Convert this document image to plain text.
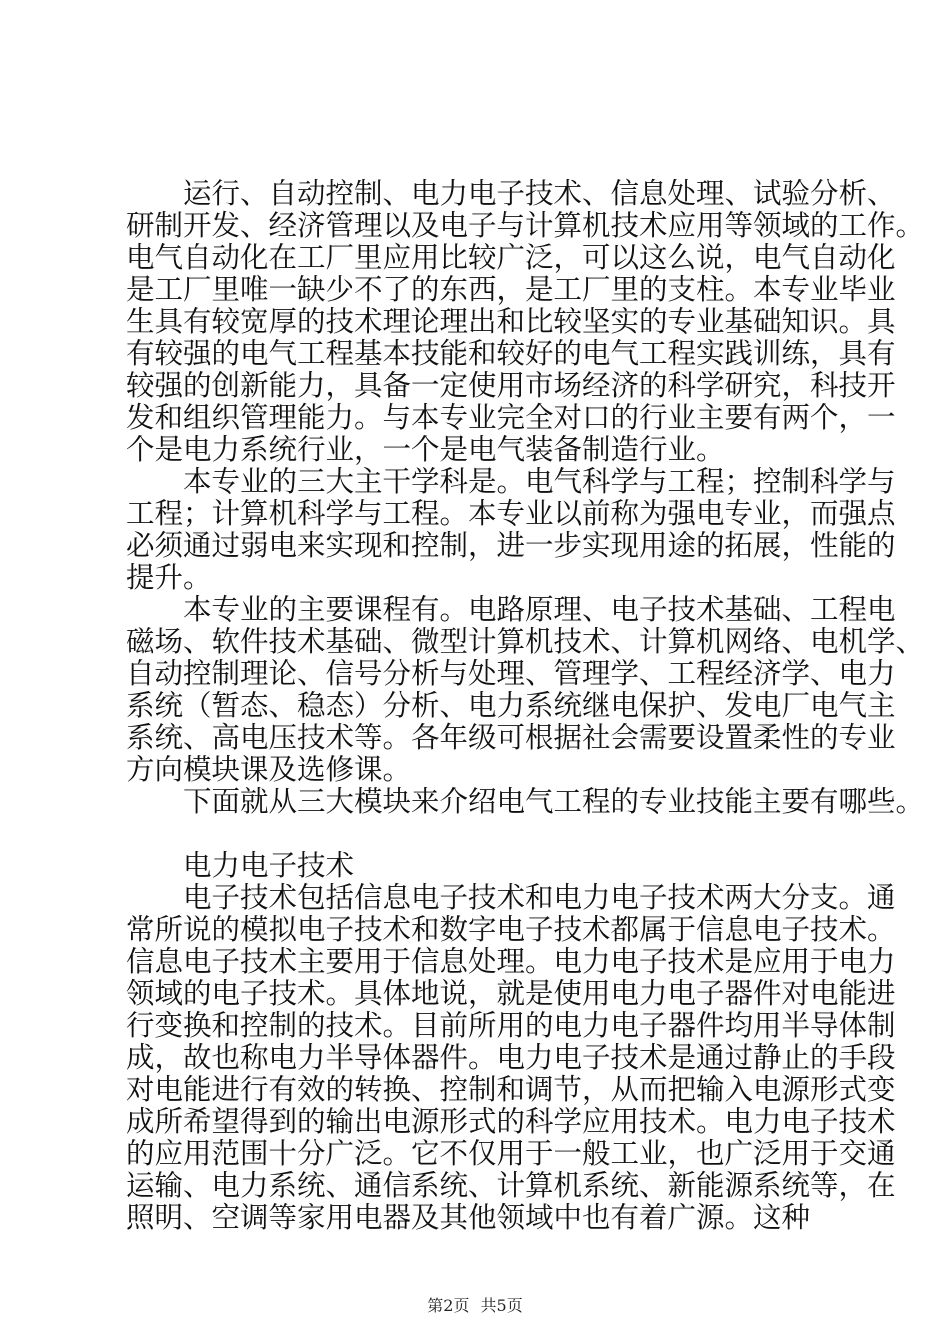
　　运行、自动控制、电力电子技术、信息处理、试验分析、
研制开发、经济管理以及电子与计算机技术应用等领域的工作。
电气自动化在工厂里应用比较广泛，可以这么说，电气自动化
是工厂里唯一缺少不了的东西，是工厂里的支柱。本专业毕业
生具有较宽厚的技术理论理出和比较坚实的专业基础知识。具
有较强的电气工程基本技能和较好的电气工程实践训练，具有
较强的创新能力，具备一定使用市场经济的科学研究，科技开
发和组织管理能力。与本专业完全对口的行业主要有两个，一
个是电力系统行业，一个是电气装备制造行业。
　　本专业的三大主干学科是。电气科学与工程；控制科学与
工程；计算机科学与工程。本专业以前称为强电专业，而强点
必须通过弱电来实现和控制，进一步实现用途的拓展，性能的
提升。
　　本专业的主要课程有。电路原理、电子技术基础、工程电
磁场、软件技术基础、微型计算机技术、计算机网络、电机学、
自动控制理论、信号分析与处理、管理学、工程经济学、电力
系统（暂态、稳态）分析、电力系统继电保护、发电厂电气主
系统、高电压技术等。各年级可根据社会需要设置柔性的专业
方向模块课及选修课。
　　下面就从三大模块来介绍电气工程的专业技能主要有哪些。
　　电力电子技术
　　电子技术包括信息电子技术和电力电子技术两大分支。通
常所说的模拟电子技术和数字电子技术都属于信息电子技术。
信息电子技术主要用于信息处理。电力电子技术是应用于电力
领域的电子技术。具体地说，就是使用电力电子器件对电能进
行变换和控制的技术。目前所用的电力电子器件均用半导体制
成，故也称电力半导体器件。电力电子技术是通过静止的手段
对电能进行有效的转换、控制和调节，从而把输入电源形式变
成所希望得到的输出电源形式的科学应用技术。电力电子技术
的应用范围十分广泛。它不仅用于一般工业，也广泛用于交通
运输、电力系统、通信系统、计算机系统、新能源系统等，在
照明、空调等家用电器及其他领域中也有着广源。这种
第2页 共5页
